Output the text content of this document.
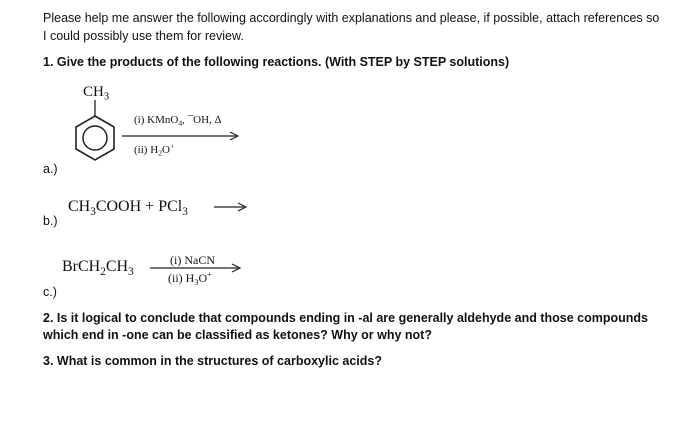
Please help me answer the following accordingly with explanations and please, if possible, attach references so I could possibly use them for review.
1. Give the products of the following reactions. (With STEP by STEP solutions)
$CH_3$
(i) KMnO$_4$, ¯OH, Δ
(ii) $H_2O^+$
a.)
$CH_3COOH + PCl_3$
b.)
$BrCH_2CH_3$
(i) NaCN
(ii) $H_3O^+$
c.)
2. Is it logical to conclude that compounds ending in -al are generally aldehyde and those compounds which end in -one can be classified as ketones? Why or why not?
3. What is common in the structures of carboxylic acids?
